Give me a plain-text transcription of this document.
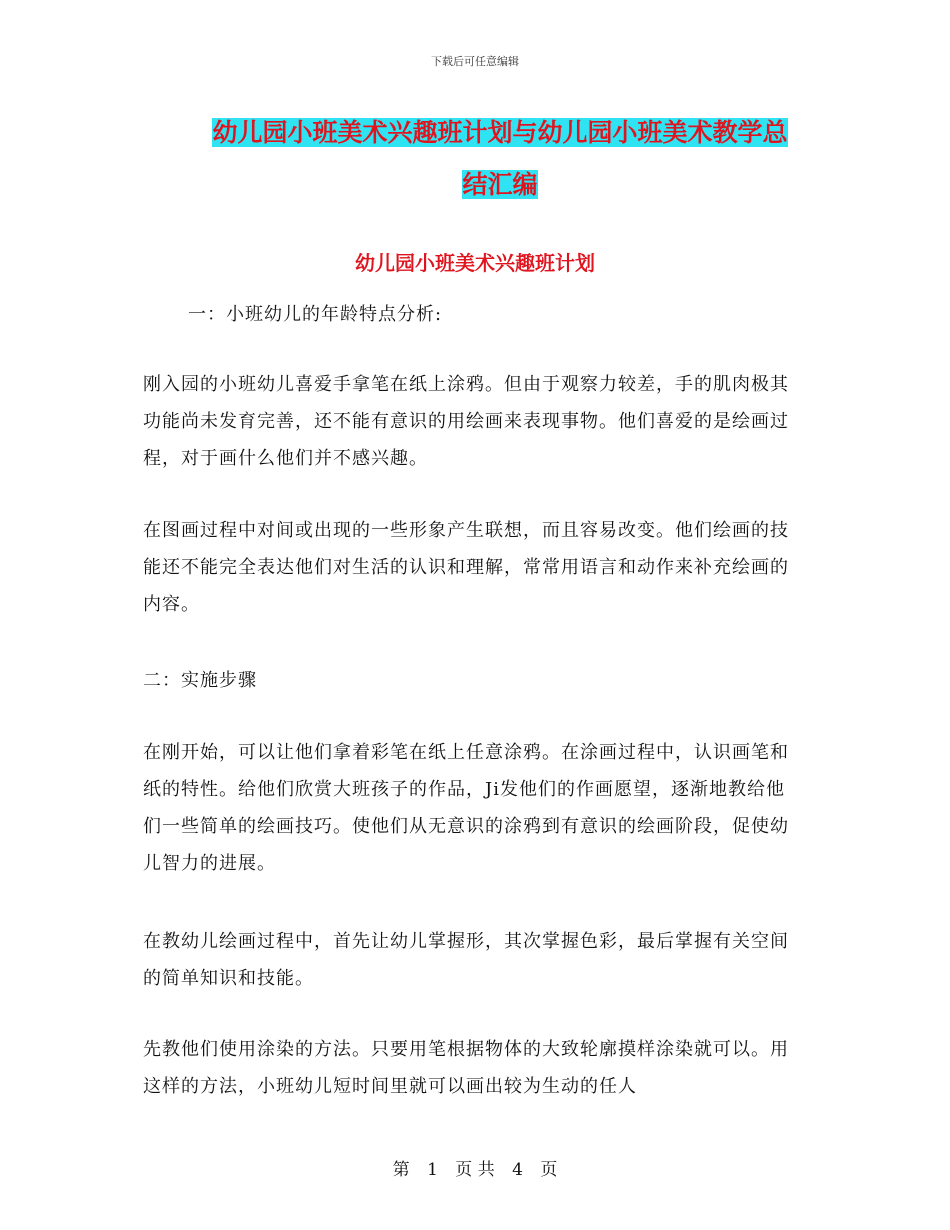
下载后可任意编辑
幼儿园小班美术兴趣班计划与幼儿园小班美术教学总
结汇编
幼儿园小班美术兴趣班计划

一：小班幼儿的年龄特点分析:

刚入园的小班幼儿喜爱手拿笔在纸上涂鸦。但由于观察力较差，手的肌肉极其功能尚未发育完善，还不能有意识的用绘画来表现事物。他们喜爱的是绘画过程，对于画什么他们并不感兴趣。

在图画过程中对间或出现的一些形象产生联想，而且容易改变。他们绘画的技能还不能完全表达他们对生活的认识和理解，常常用语言和动作来补充绘画的内容。

二：实施步骤

在刚开始，可以让他们拿着彩笔在纸上任意涂鸦。在涂画过程中，认识画笔和纸的特性。给他们欣赏大班孩子的作品，Ji发他们的作画愿望，逐渐地教给他们一些简单的绘画技巧。使他们从无意识的涂鸦到有意识的绘画阶段，促使幼儿智力的进展。

在教幼儿绘画过程中，首先让幼儿掌握形，其次掌握色彩，最后掌握有关空间的简单知识和技能。

先教他们使用涂染的方法。只要用笔根据物体的大致轮廓摸样涂染就可以。用这样的方法，小班幼儿短时间里就可以画出较为生动的任人

第 1 页 共 4 页
